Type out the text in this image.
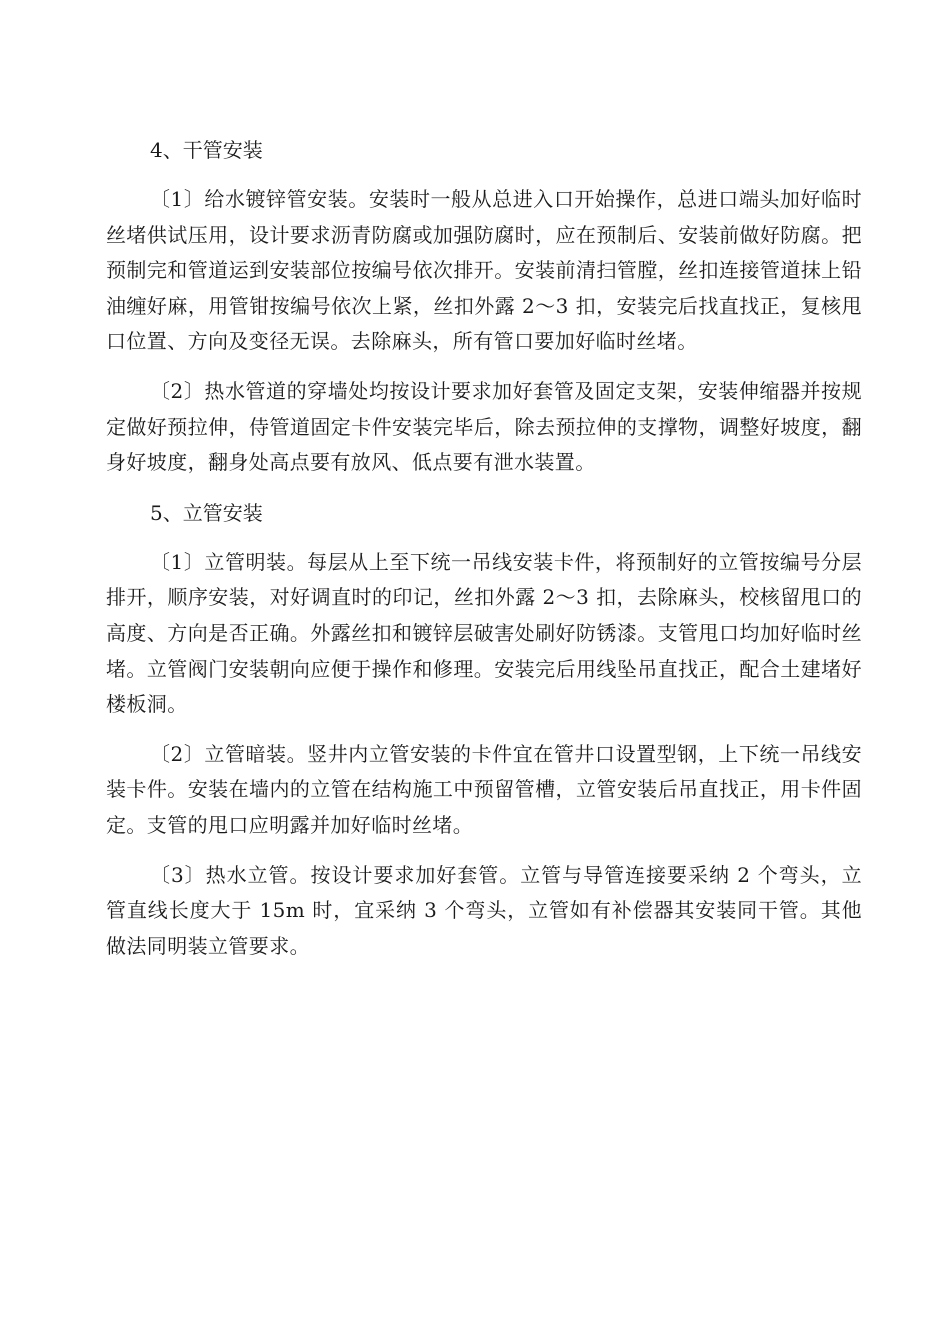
4、干管安装

〔1〕给水镀锌管安装。安装时一般从总进入口开始操作，总进口端头加好临时丝堵供试压用，设计要求沥青防腐或加强防腐时，应在预制后、安装前做好防腐。把预制完和管道运到安装部位按编号依次排开。安装前清扫管膛，丝扣连接管道抹上铅油缠好麻，用管钳按编号依次上紧，丝扣外露 2～3 扣，安装完后找直找正，复核甩口位置、方向及变径无误。去除麻头，所有管口要加好临时丝堵。

〔2〕热水管道的穿墙处均按设计要求加好套管及固定支架，安装伸缩器并按规定做好预拉伸，侍管道固定卡件安装完毕后，除去预拉伸的支撑物，调整好坡度，翻身好坡度，翻身处高点要有放风、低点要有泄水装置。

5、立管安装

〔1〕立管明装。每层从上至下统一吊线安装卡件，将预制好的立管按编号分层排开，顺序安装，对好调直时的印记，丝扣外露 2～3 扣，去除麻头，校核留甩口的高度、方向是否正确。外露丝扣和镀锌层破害处刷好防锈漆。支管甩口均加好临时丝堵。立管阀门安装朝向应便于操作和修理。安装完后用线坠吊直找正，配合土建堵好楼板洞。

〔2〕立管暗装。竖井内立管安装的卡件宜在管井口设置型钢，上下统一吊线安装卡件。安装在墙内的立管在结构施工中预留管槽，立管安装后吊直找正，用卡件固定。支管的甩口应明露并加好临时丝堵。

〔3〕热水立管。按设计要求加好套管。立管与导管连接要采纳 2 个弯头，立管直线长度大于 15m 时，宜采纳 3 个弯头，立管如有补偿器其安装同干管。其他做法同明装立管要求。
